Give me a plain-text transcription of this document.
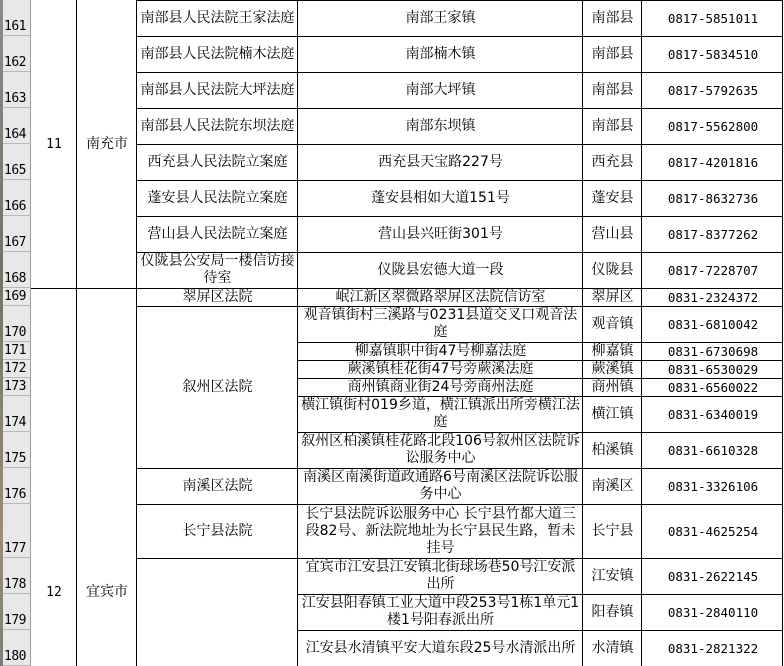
161
162
163
164
165
166
167
168
169
170
171
172
173
174
175
176
177
178
179
180
11	南充市
12	宜宾市
南部县人民法院王家法庭
南部县人民法院楠木法庭
南部县人民法院大坪法庭
南部县人民法院东坝法庭
西充县人民法院立案庭
蓬安县人民法院立案庭
营山县人民法院立案庭
仪陇县公安局一楼信访接待室
翠屏区法院
叙州区法院
南溪区法院
长宁县法院
南部王家镇
南部楠木镇
南部大坪镇
南部东坝镇
西充县天宝路227号
蓬安县相如大道151号
营山县兴旺街301号
仪陇县宏德大道一段
岷江新区翠微路翠屏区法院信访室
观音镇街村三溪路与0231县道交叉口观音法庭
柳嘉镇职中街47号柳嘉法庭
蕨溪镇桂花街47号旁蕨溪法庭
商州镇商业街24号旁商州法庭
横江镇街村019乡道，横江镇派出所旁横江法庭
叙州区柏溪镇桂花路北段106号叙州区法院诉讼服务中心
南溪区南溪街道政通路6号南溪区法院诉讼服务中心
长宁县法院诉讼服务中心 长宁县竹都大道三段82号、新法院地址为长宁县民生路，暂未挂号
宜宾市江安县江安镇北街球场巷50号江安派出所
江安县阳春镇工业大道中段253号1栋1单元1楼1号阳春派出所
江安县水清镇平安大道东段25号水清派出所
南部县
南部县
南部县
南部县
西充县
蓬安县
营山县
仪陇县
翠屏区
观音镇
柳嘉镇
蕨溪镇
商州镇
横江镇
柏溪镇
南溪区
长宁县
江安镇
阳春镇
水清镇
0817-5851011
0817-5834510
0817-5792635
0817-5562800
0817-4201816
0817-8632736
0817-8377262
0817-7228707
0831-2324372
0831-6810042
0831-6730698
0831-6530029
0831-6560022
0831-6340019
0831-6610328
0831-3326106
0831-4625254
0831-2622145
0831-2840110
0831-2821322
